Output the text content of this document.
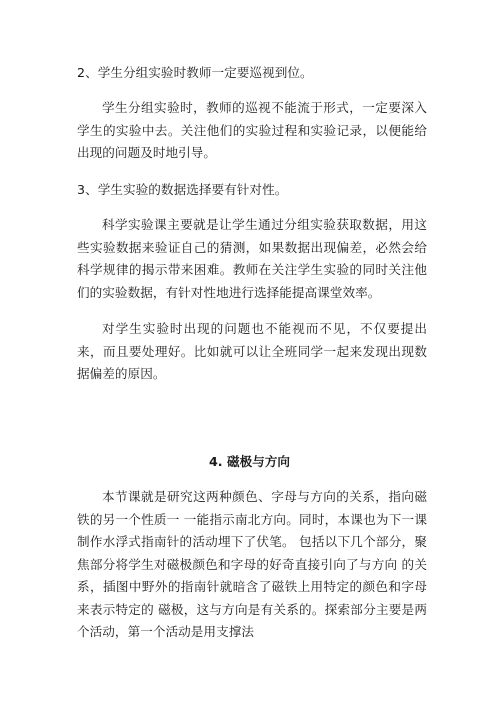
2、学生分组实验时教师一定要巡视到位。

学生分组实验时，教师的巡视不能流于形式，一定要深入学生的实验中去。关注他们的实验过程和实验记录，以便能给出现的问题及时地引导。

3、学生实验的数据选择要有针对性。

科学实验课主要就是让学生通过分组实验获取数据，用这些实验数据来验证自己的猜测，如果数据出现偏差，必然会给科学规律的揭示带来困难。教师在关注学生实验的同时关注他们的实验数据，有针对性地进行选择能提高课堂效率。

对学生实验时出现的问题也不能视而不见，不仅要提出来，而且要处理好。比如就可以让全班同学一起来发现出现数据偏差的原因。

4. 磁极与方向

本节课就是研究这两种颜色、字母与方向的关系，指向磁铁的另一个性质一 一能指示南北方向。同时，本课也为下一课制作水浮式指南针的活动埋下了伏笔。 包括以下几个部分，聚焦部分将学生对磁极颜色和字母的好奇直接引向了与方向 的关系，插图中野外的指南针就暗含了磁铁上用特定的颜色和字母来表示特定的 磁极，这与方向是有关系的。探索部分主要是两个活动，第一个活动是用支撑法
